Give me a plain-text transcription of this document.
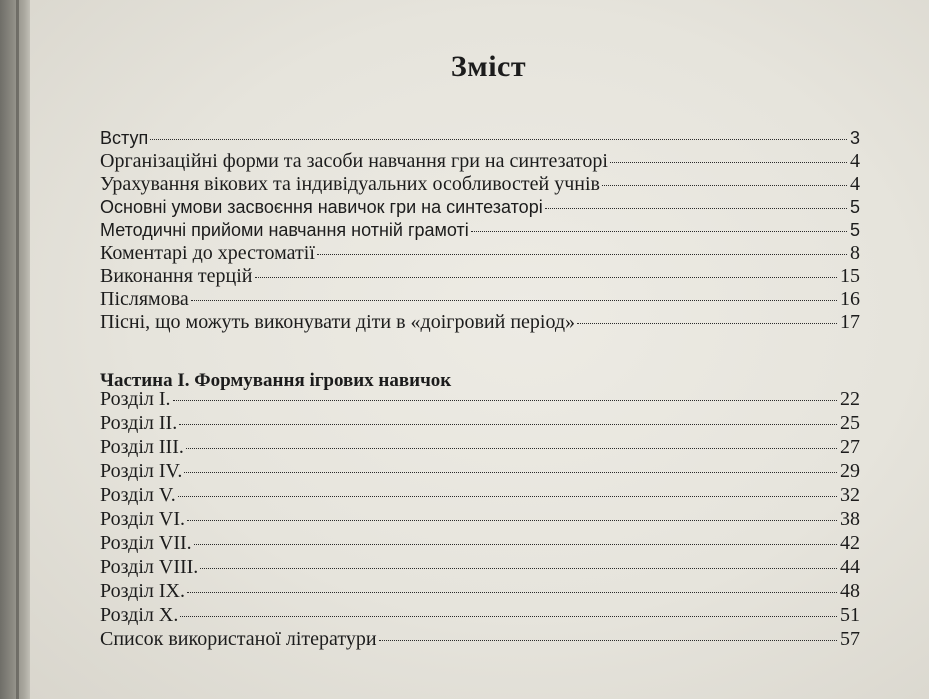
Зміст
Вступ	3
Організаційні форми та засоби навчання гри на синтезаторі	4
Урахування вікових та індивідуальних особливостей учнів	4
Основні умови засвоєння навичок гри на синтезаторі	5
Методичні прийоми навчання нотній грамоті	5
Коментарі до хрестоматії	8
Виконання терцій	15
Післямова	16
Пісні, що можуть виконувати діти в «доігровий період»	17
Частина І. Формування ігрових навичок
Розділ І.	22
Розділ ІІ.	25
Розділ ІІІ.	27
Розділ IV.	29
Розділ V.	32
Розділ VI.	38
Розділ VII.	42
Розділ VIII.	44
Розділ IX.	48
Розділ X.	51
Список використаної літератури	57
